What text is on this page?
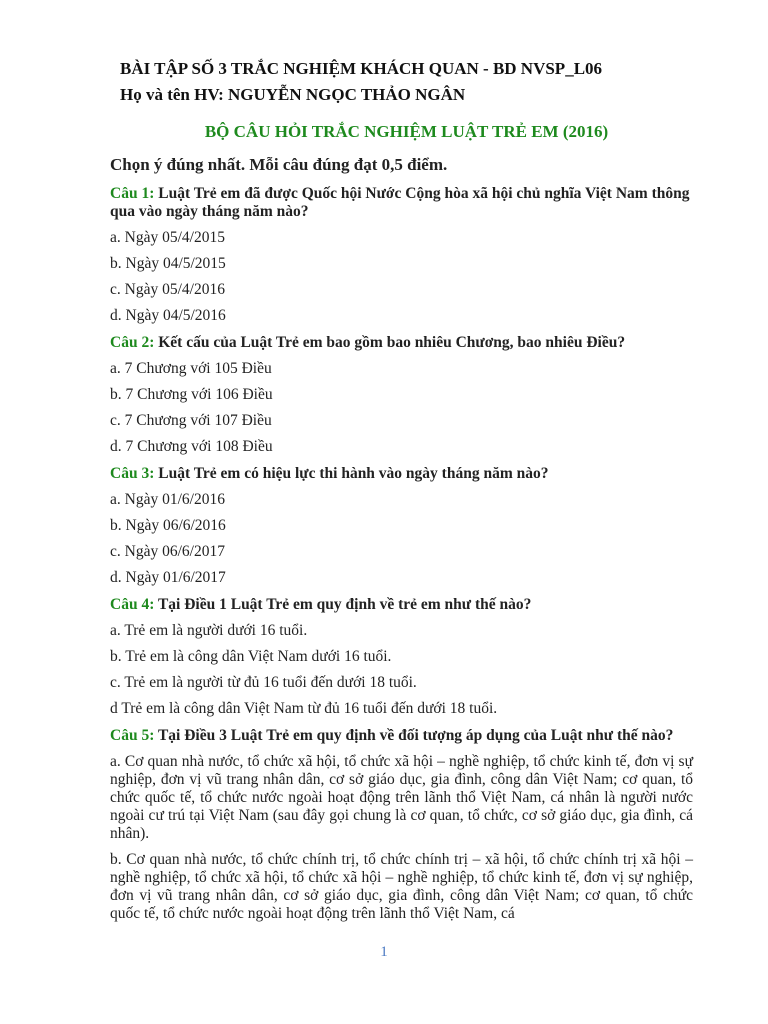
BÀI TẬP SỐ 3 TRẮC NGHIỆM KHÁCH QUAN - BD NVSP_L06
Họ và tên HV: NGUYỄN NGỌC THẢO NGÂN
BỘ CÂU HỎI TRẮC NGHIỆM LUẬT TRẺ EM (2016)
Chọn ý đúng nhất. Mỗi câu đúng đạt 0,5 điểm.
Câu 1: Luật Trẻ em đã được Quốc hội Nước Cộng hòa xã hội chủ nghĩa Việt Nam thông qua vào ngày tháng năm nào?
a. Ngày 05/4/2015
b. Ngày 04/5/2015
c. Ngày 05/4/2016
d. Ngày 04/5/2016
Câu 2: Kết cấu của Luật Trẻ em bao gồm bao nhiêu Chương, bao nhiêu Điều?
a. 7 Chương với 105 Điều
b. 7 Chương với 106 Điều
c. 7 Chương với 107 Điều
d. 7 Chương với 108 Điều
Câu 3: Luật Trẻ em có hiệu lực thi hành vào ngày tháng năm nào?
a. Ngày 01/6/2016
b. Ngày 06/6/2016
c. Ngày 06/6/2017
d. Ngày 01/6/2017
Câu 4: Tại Điều 1 Luật Trẻ em quy định về trẻ em như thế nào?
a. Trẻ em là người dưới 16 tuổi.
b. Trẻ em là công dân Việt Nam dưới 16 tuổi.
c. Trẻ em là người từ đủ 16 tuổi đến dưới 18 tuổi.
d Trẻ em là công dân Việt Nam từ đủ 16 tuổi đến dưới 18 tuổi.
Câu 5: Tại Điều 3 Luật Trẻ em quy định về đối tượng áp dụng của Luật như thế nào?
a. Cơ quan nhà nước, tổ chức xã hội, tổ chức xã hội – nghề nghiệp, tổ chức kinh tế, đơn vị sự nghiệp, đơn vị vũ trang nhân dân, cơ sở giáo dục, gia đình, công dân Việt Nam; cơ quan, tổ chức quốc tế, tổ chức nước ngoài hoạt động trên lãnh thổ Việt Nam, cá nhân là người nước ngoài cư trú tại Việt Nam (sau đây gọi chung là cơ quan, tổ chức, cơ sở giáo dục, gia đình, cá nhân).
b. Cơ quan nhà nước, tổ chức chính trị, tổ chức chính trị – xã hội, tổ chức chính trị xã hội – nghề nghiệp, tổ chức xã hội, tổ chức xã hội – nghề nghiệp, tổ chức kinh tế, đơn vị sự nghiệp, đơn vị vũ trang nhân dân, cơ sở giáo dục, gia đình, công dân Việt Nam; cơ quan, tổ chức quốc tế, tổ chức nước ngoài hoạt động trên lãnh thổ Việt Nam, cá
1
